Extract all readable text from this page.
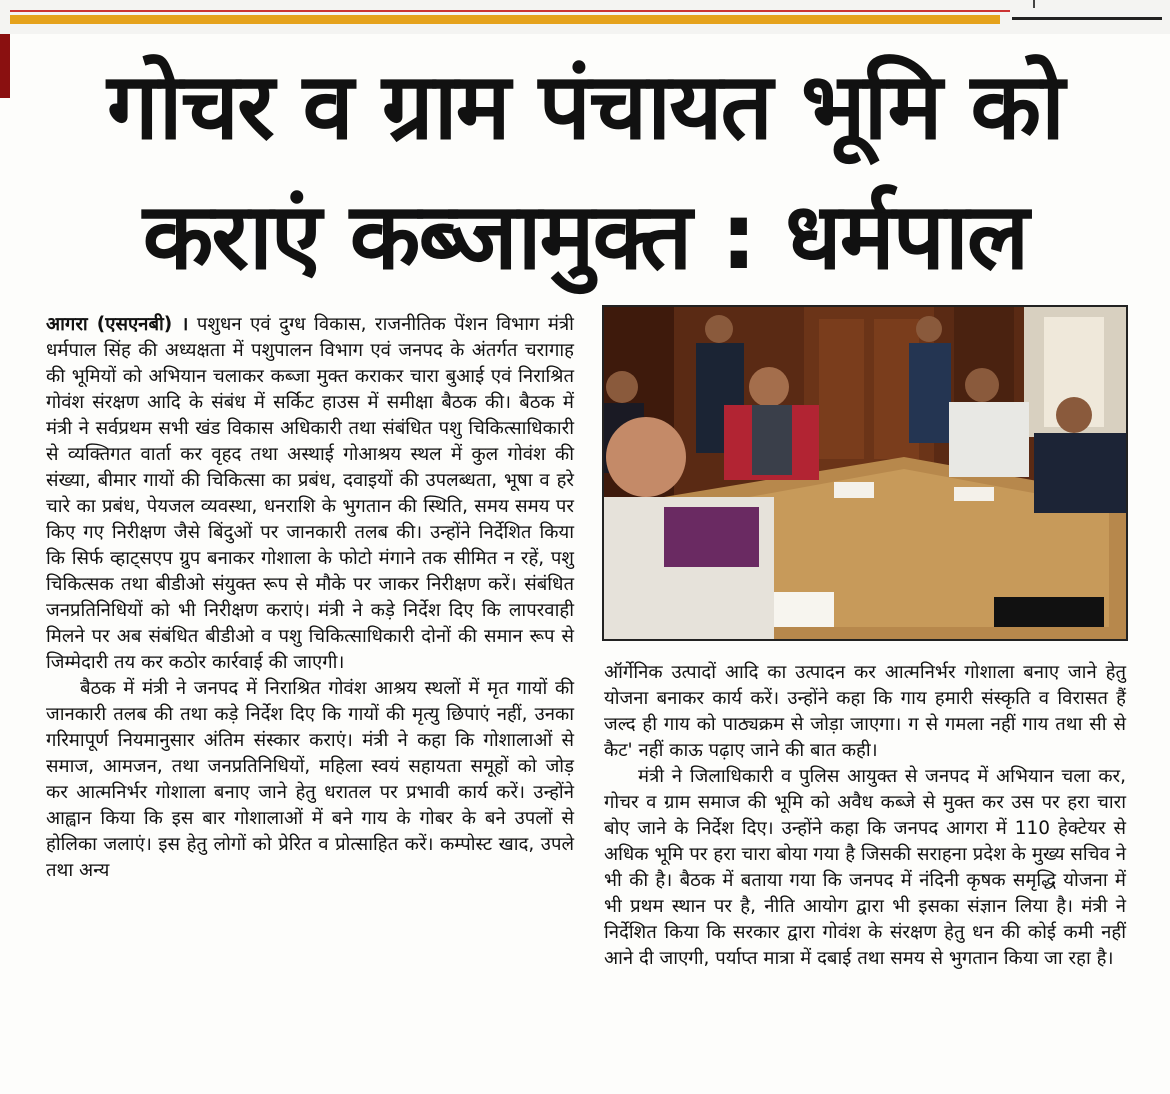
गोचर व ग्राम पंचायत भूमि को
कराएं कब्जामुक्त : धर्मपाल

आगरा (एसएनबी) । पशुधन एवं दुग्ध विकास, राजनीतिक पेंशन विभाग मंत्री धर्मपाल सिंह की अध्यक्षता में पशुपालन विभाग एवं जनपद के अंतर्गत चरागाह की भूमियों को अभियान चलाकर कब्जा मुक्त कराकर चारा बुआई एवं निराश्रित गोवंश संरक्षण आदि के संबंध में सर्किट हाउस में समीक्षा बैठक की। बैठक में मंत्री ने सर्वप्रथम सभी खंड विकास अधिकारी तथा संबंधित पशु चिकित्साधिकारी से व्यक्तिगत वार्ता कर वृहद तथा अस्थाई गोआश्रय स्थल में कुल गोवंश की संख्या, बीमार गायों की चिकित्सा का प्रबंध, दवाइयों की उपलब्धता, भूषा व हरे चारे का प्रबंध, पेयजल व्यवस्था, धनराशि के भुगतान की स्थिति, समय समय पर किए गए निरीक्षण जैसे बिंदुओं पर जानकारी तलब की। उन्होंने निर्देशित किया कि सिर्फ व्हाट्सएप ग्रुप बनाकर गोशाला के फोटो मंगाने तक सीमित न रहें, पशु चिकित्सक तथा बीडीओ संयुक्त रूप से मौके पर जाकर निरीक्षण करें। संबंधित जनप्रतिनिधियों को भी निरीक्षण कराएं। मंत्री ने कड़े निर्देश दिए कि लापरवाही मिलने पर अब संबंधित बीडीओ व पशु चिकित्साधिकारी दोनों की समान रूप से जिम्मेदारी तय कर कठोर कार्रवाई की जाएगी।

बैठक में मंत्री ने जनपद में निराश्रित गोवंश आश्रय स्थलों में मृत गायों की जानकारी तलब की तथा कड़े निर्देश दिए कि गायों की मृत्यु छिपाएं नहीं, उनका गरिमापूर्ण नियमानुसार अंतिम संस्कार कराएं। मंत्री ने कहा कि गोशालाओं से समाज, आमजन, तथा जनप्रतिनिधियों, महिला स्वयं सहायता समूहों को जोड़ कर आत्मनिर्भर गोशाला बनाए जाने हेतु धरातल पर प्रभावी कार्य करें। उन्होंने आह्वान किया कि इस बार गोशालाओं में बने गाय के गोबर के बने उपलों से होलिका जलाएं। इस हेतु लोगों को प्रेरित व प्रोत्साहित करें। कम्पोस्ट खाद, उपले तथा अन्य

ऑर्गेनिक उत्पादों आदि का उत्पादन कर आत्मनिर्भर गोशाला बनाए जाने हेतु योजना बनाकर कार्य करें। उन्होंने कहा कि गाय हमारी संस्कृति व विरासत हैं जल्द ही गाय को पाठ्यक्रम से जोड़ा जाएगा। ग से गमला नहीं गाय तथा सी से कैट' नहीं काऊ पढ़ाए जाने की बात कही।

मंत्री ने जिलाधिकारी व पुलिस आयुक्त से जनपद में अभियान चला कर, गोचर व ग्राम समाज की भूमि को अवैध कब्जे से मुक्त कर उस पर हरा चारा बोए जाने के निर्देश दिए। उन्होंने कहा कि जनपद आगरा में 110 हेक्टेयर से अधिक भूमि पर हरा चारा बोया गया है जिसकी सराहना प्रदेश के मुख्य सचिव ने भी की है। बैठक में बताया गया कि जनपद में नंदिनी कृषक समृद्धि योजना में भी प्रथम स्थान पर है, नीति आयोग द्वारा भी इसका संज्ञान लिया है। मंत्री ने निर्देशित किया कि सरकार द्वारा गोवंश के संरक्षण हेतु धन की कोई कमी नहीं आने दी जाएगी, पर्याप्त मात्रा में दबाई तथा समय से भुगतान किया जा रहा है।
